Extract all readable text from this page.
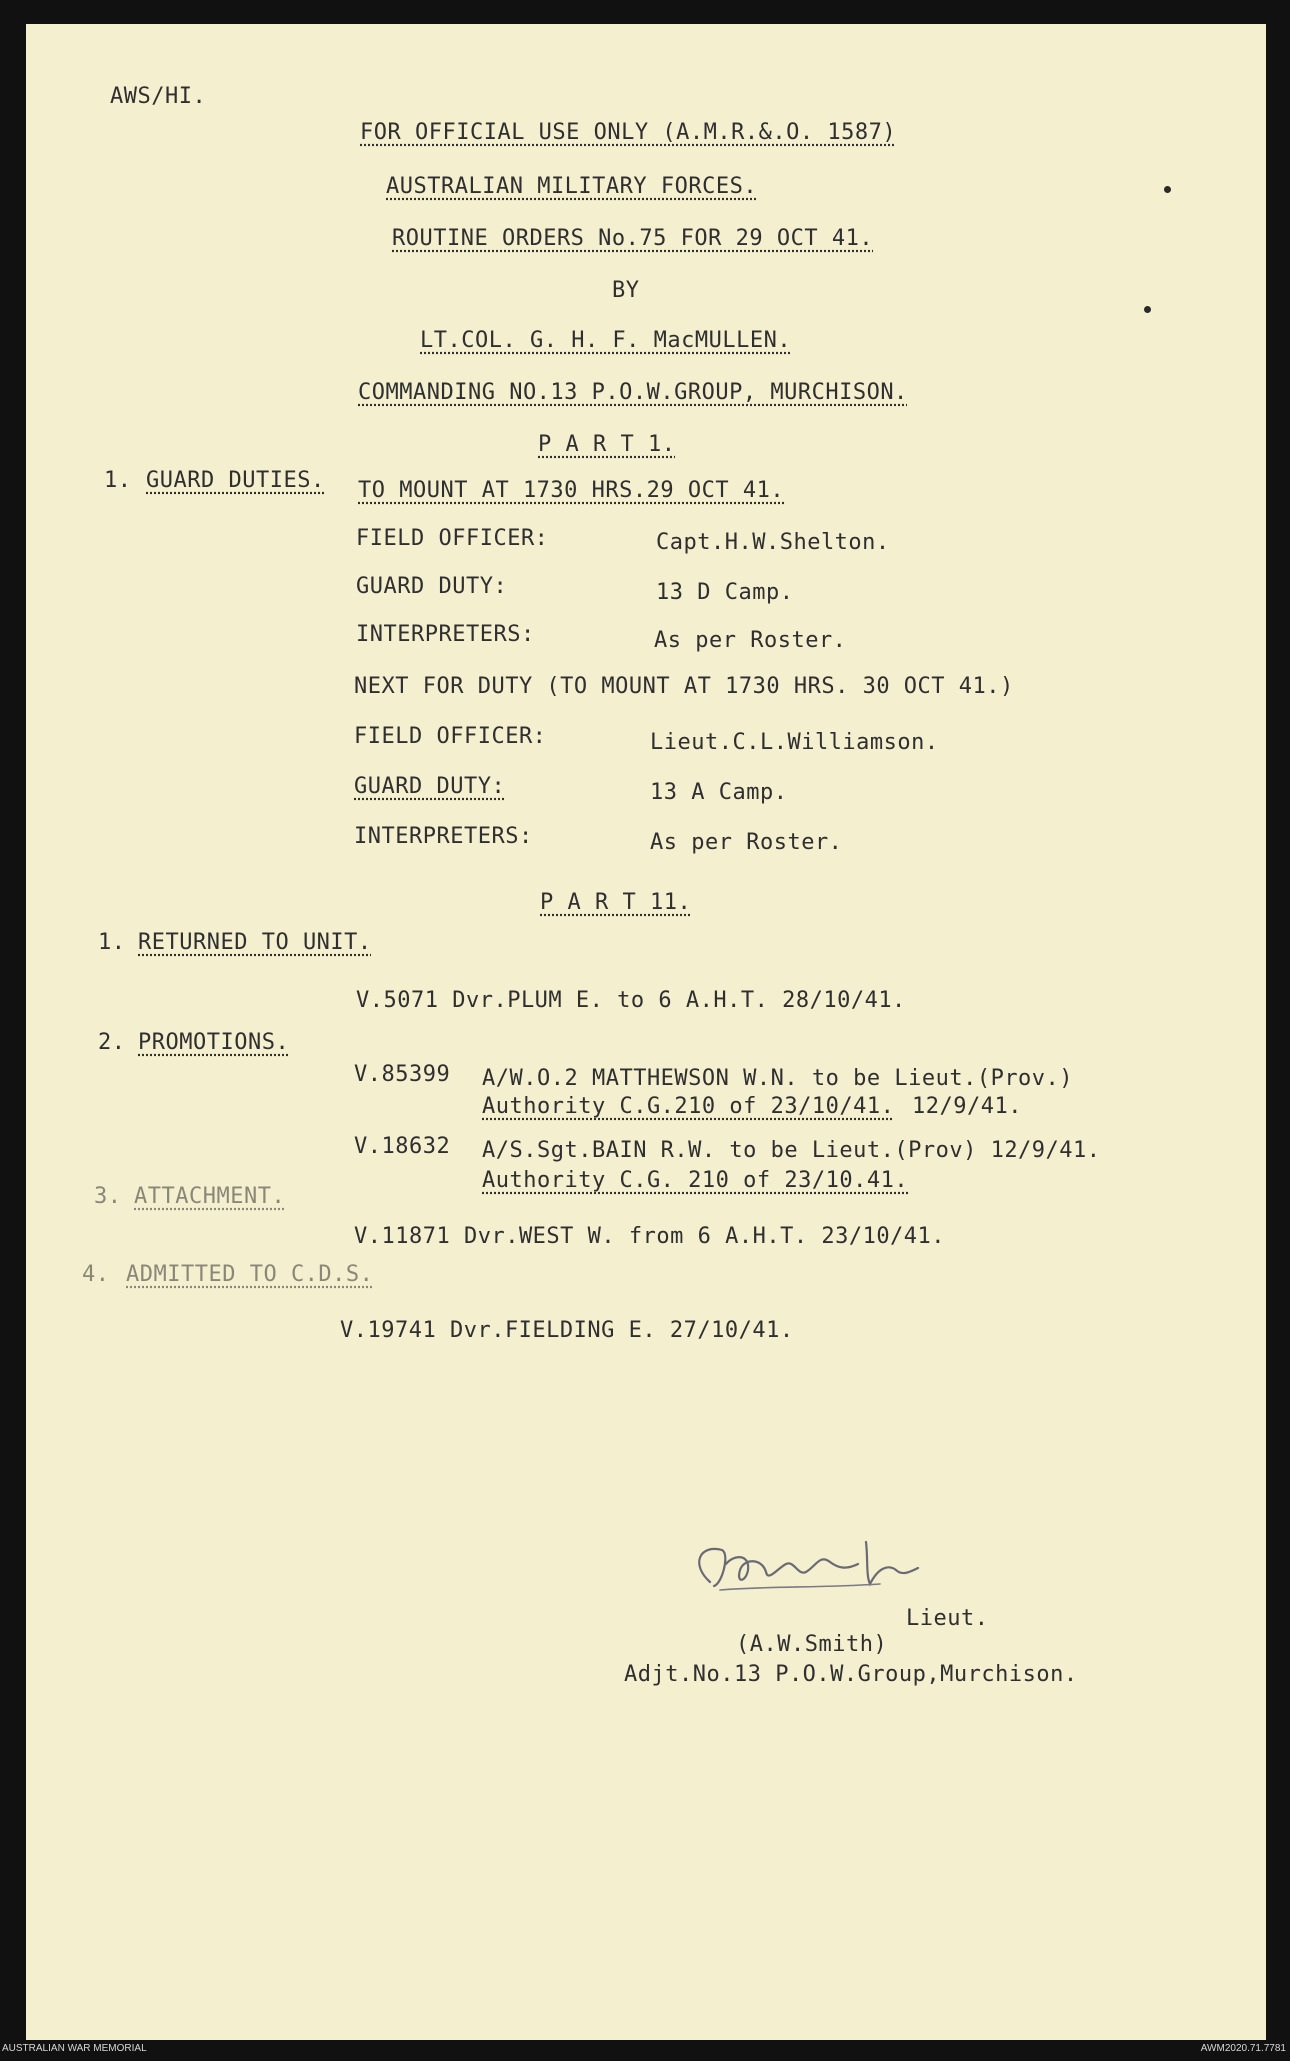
AWS/HI.
FOR OFFICIAL USE ONLY (A.M.R.&.O. 1587)
AUSTRALIAN MILITARY FORCES.
ROUTINE ORDERS No.75 FOR 29 OCT 41.
BY
LT.COL. G. H. F. MacMULLEN.
COMMANDING NO.13 P.O.W.GROUP, MURCHISON.
P A R T 1.
1. GUARD DUTIES. TO MOUNT AT 1730 HRS.29 OCT 41.
FIELD OFFICER:	Capt.H.W.Shelton.
GUARD DUTY:	13 D Camp.
INTERPRETERS:	As per Roster.
NEXT FOR DUTY (TO MOUNT AT 1730 HRS. 30 OCT 41.)
FIELD OFFICER:	Lieut.C.L.Williamson.
GUARD DUTY:	13 A Camp.
INTERPRETERS:	As per Roster.
P A R T 11.
1. RETURNED TO UNIT.
V.5071 Dvr.PLUM E. to 6 A.H.T. 28/10/41.
2. PROMOTIONS.
V.85399 A/W.O.2 MATTHEWSON W.N. to be Lieut.(Prov.)
Authority C.G.210 of 23/10/41. 12/9/41.
V.18632 A/S.Sgt.BAIN R.W. to be Lieut.(Prov) 12/9/41.
Authority C.G. 210 of 23/10.41.
3. ATTACHMENT.
V.11871 Dvr.WEST W. from 6 A.H.T. 23/10/41.
4. ADMITTED TO C.D.S.
V.19741 Dvr.FIELDING E. 27/10/41.
Lieut.
(A.W.Smith)
Adjt.No.13 P.O.W.Group,Murchison.
AUSTRALIAN WAR MEMORIAL	AWM2020.71.7781
